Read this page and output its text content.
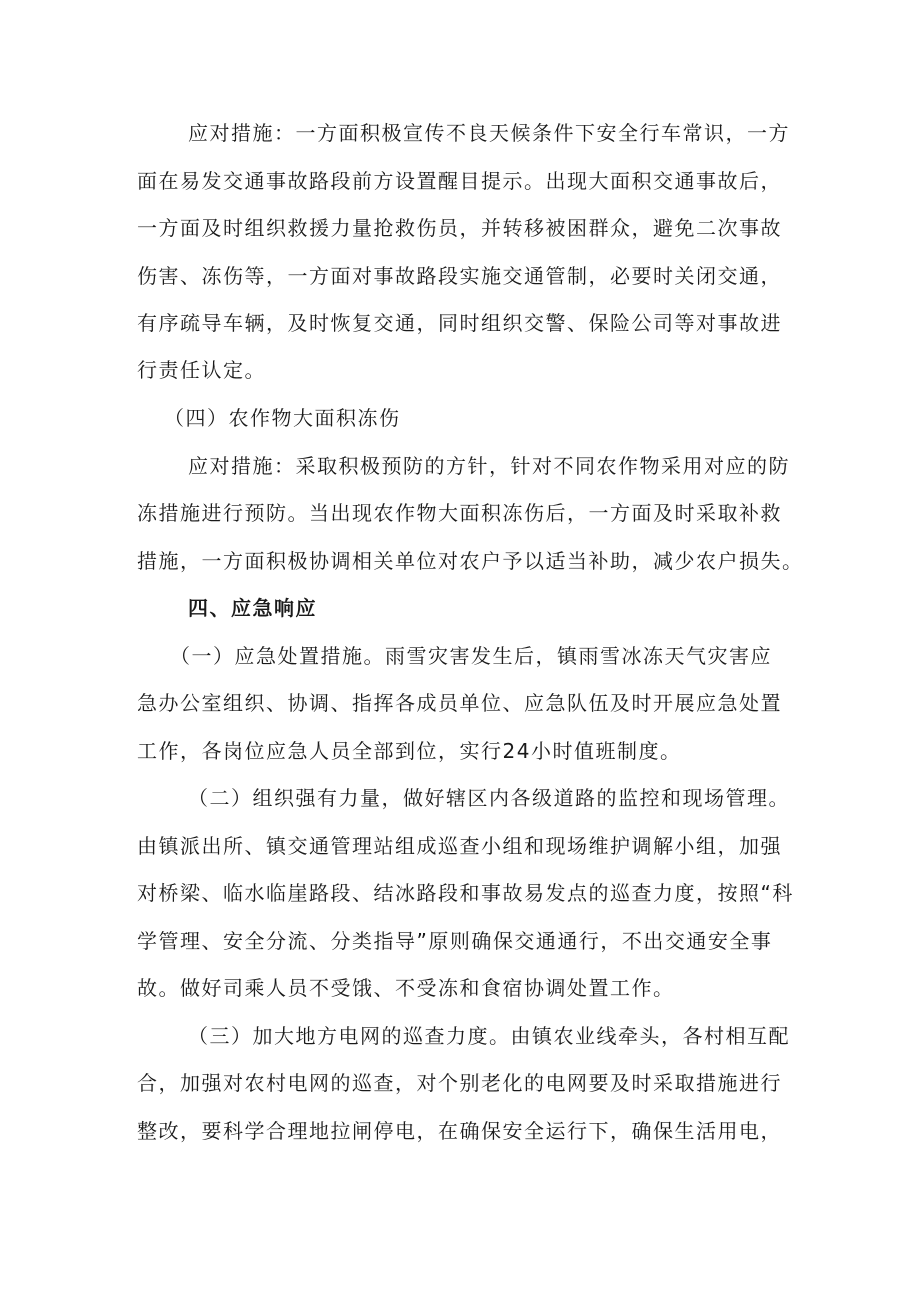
应对措施：一方面积极宣传不良天候条件下安全行车常识，一方
面在易发交通事故路段前方设置醒目提示。出现大面积交通事故后，
一方面及时组织救援力量抢救伤员，并转移被困群众，避免二次事故
伤害、冻伤等，一方面对事故路段实施交通管制，必要时关闭交通，
有序疏导车辆，及时恢复交通，同时组织交警、保险公司等对事故进
行责任认定。
（四）农作物大面积冻伤
应对措施：采取积极预防的方针，针对不同农作物采用对应的防
冻措施进行预防。当出现农作物大面积冻伤后，一方面及时采取补救
措施，一方面积极协调相关单位对农户予以适当补助，减少农户损失。
四、应急响应
（一）应急处置措施。雨雪灾害发生后，镇雨雪冰冻天气灾害应
急办公室组织、协调、指挥各成员单位、应急队伍及时开展应急处置
工作，各岗位应急人员全部到位，实行24小时值班制度。
（二）组织强有力量，做好辖区内各级道路的监控和现场管理。
由镇派出所、镇交通管理站组成巡查小组和现场维护调解小组，加强
对桥梁、临水临崖路段、结冰路段和事故易发点的巡查力度，按照“科
学管理、安全分流、分类指导”原则确保交通通行，不出交通安全事
故。做好司乘人员不受饿、不受冻和食宿协调处置工作。
（三）加大地方电网的巡查力度。由镇农业线牵头，各村相互配
合，加强对农村电网的巡查，对个别老化的电网要及时采取措施进行
整改，要科学合理地拉闸停电，在确保安全运行下，确保生活用电，
